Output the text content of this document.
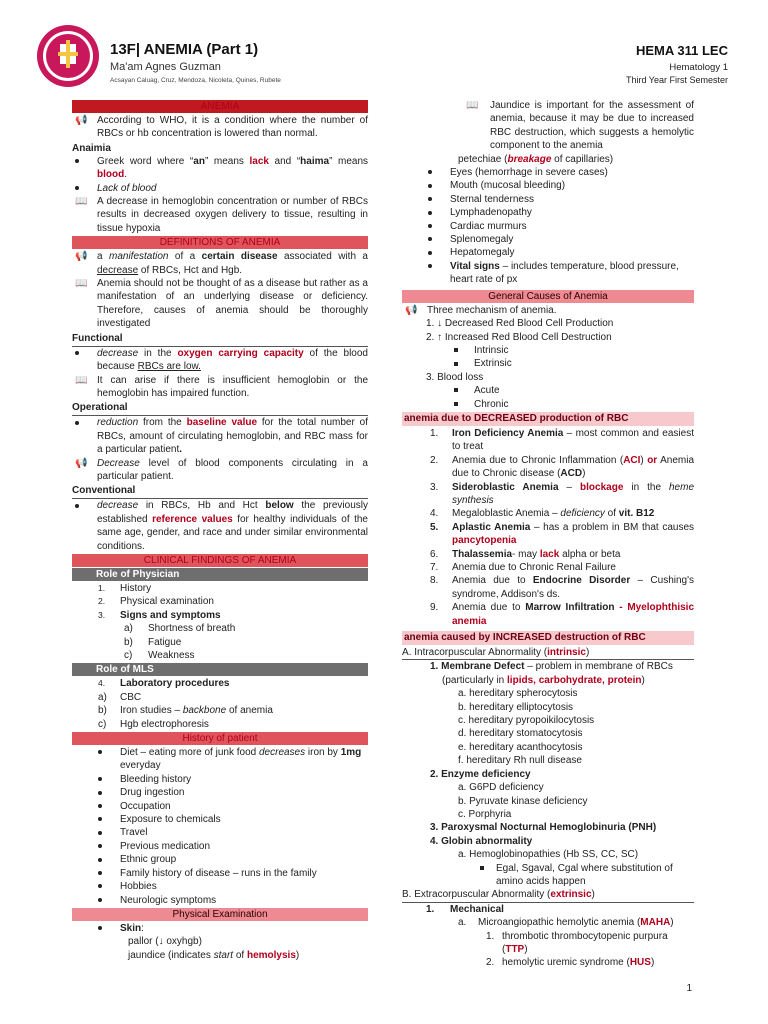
13F| ANEMIA (Part 1)
Ma'am Agnes Guzman
Acsayan Caluag, Cruz, Mendoza, Nicoleta, Quines, Rubete
HEMA 311 LEC
Hematology 1
Third Year First Semester
ANEMIA
📢 According to WHO, it is a condition where the number of RBCs or hb concentration is lowered than normal.
Anaimia
Greek word where “an” means lack and “haima” means blood.
Lack of blood
📖 A decrease in hemoglobin concentration or number of RBCs results in decreased oxygen delivery to tissue, resulting in tissue hypoxia
DEFINITIONS OF ANEMIA
📢 a manifestation of a certain disease associated with a decrease of RBCs, Hct and Hgb.
📖 Anemia should not be thought of as a disease but rather as a manifestation of an underlying disease or deficiency. Therefore, causes of anemia should be thoroughly investigated
Functional
decrease in the oxygen carrying capacity of the blood because RBCs are low.
📖 It can arise if there is insufficient hemoglobin or the hemoglobin has impaired function.
Operational
reduction from the baseline value for the total number of RBCs, amount of circulating hemoglobin, and RBC mass for a particular patient.
📢 Decrease level of blood components circulating in a particular patient.
Conventional
decrease in RBCs, Hb and Hct below the previously established reference values for healthy individuals of the same age, gender, and race and under similar environmental conditions.
CLINICAL FINDINGS OF ANEMIA
Role of Physician
1. History
2. Physical examination
3. Signs and symptoms
a) Shortness of breath
b) Fatigue
c) Weakness
Role of MLS
4. Laboratory procedures
a) CBC
b) Iron studies – backbone of anemia
c) Hgb electrophoresis
History of patient
Diet – eating more of junk food decreases iron by 1mg everyday
Bleeding history
Drug ingestion
Occupation
Exposure to chemicals
Travel
Previous medication
Ethnic group
Family history of disease – runs in the family
Hobbies
Neurologic symptoms
Physical Examination
Skin:
pallor (↓ oxyhgb)
jaundice (indicates start of hemolysis)
📖	Jaundice is important for the assessment of anemia, because it may be due to increased RBC destruction, which suggests a hemolytic component to the anemia
petechiae (breakage of capillaries)
Eyes (hemorrhage in severe cases)
Mouth (mucosal bleeding)
Sternal tenderness
Lymphadenopathy
Cardiac murmurs
Splenomegaly
Hepatomegaly
Vital signs – includes temperature, blood pressure, heart rate of px
General Causes of Anemia
📢 Three mechanism of anemia.
1. ↓ Decreased Red Blood Cell Production
2. ↑ Increased Red Blood Cell Destruction
Intrinsic
Extrinsic
3. Blood loss
Acute
Chronic
anemia due to DECREASED production of RBC
1.	Iron Deficiency Anemia – most common and easiest to treat
2.	Anemia due to Chronic Inflammation (ACI) or Anemia due to Chronic disease (ACD)
3.	Sideroblastic Anemia – blockage in the heme synthesis
4.	Megaloblastic Anemia – deficiency of vit. B12
5.	Aplastic Anemia – has a problem in BM that causes pancytopenia
6.	Thalassemia- may lack alpha or beta
7.	Anemia due to Chronic Renal Failure
8.	Anemia due to Endocrine Disorder – Cushing's syndrome, Addison's ds.
9.	Anemia due to Marrow Infiltration - Myelophthisic anemia
anemia caused by INCREASED destruction of RBC
A. Intracorpuscular Abnormality (intrinsic)
1. Membrane Defect – problem in membrane of RBCs
(particularly in lipids, carbohydrate, protein)
a. hereditary spherocytosis
b. hereditary elliptocytosis
c. hereditary pyropoikilocytosis
d. hereditary stomatocytosis
e. hereditary acanthocytosis
f. hereditary Rh null disease
2. Enzyme deficiency
a. G6PD deficiency
b. Pyruvate kinase deficiency
c. Porphyria
3. Paroxysmal Nocturnal Hemoglobinuria (PNH)
4. Globin abnormality
a. Hemoglobinopathies (Hb SS, CC, SC)
Egal, Sgaval, Cgal where substitution of amino acids happen
B. Extracorpuscular Abnormality (extrinsic)
1. Mechanical
a. Microangiopathic hemolytic anemia (MAHA)
1. thrombotic thrombocytopenic purpura (TTP)
2. hemolytic uremic syndrome (HUS)
1
